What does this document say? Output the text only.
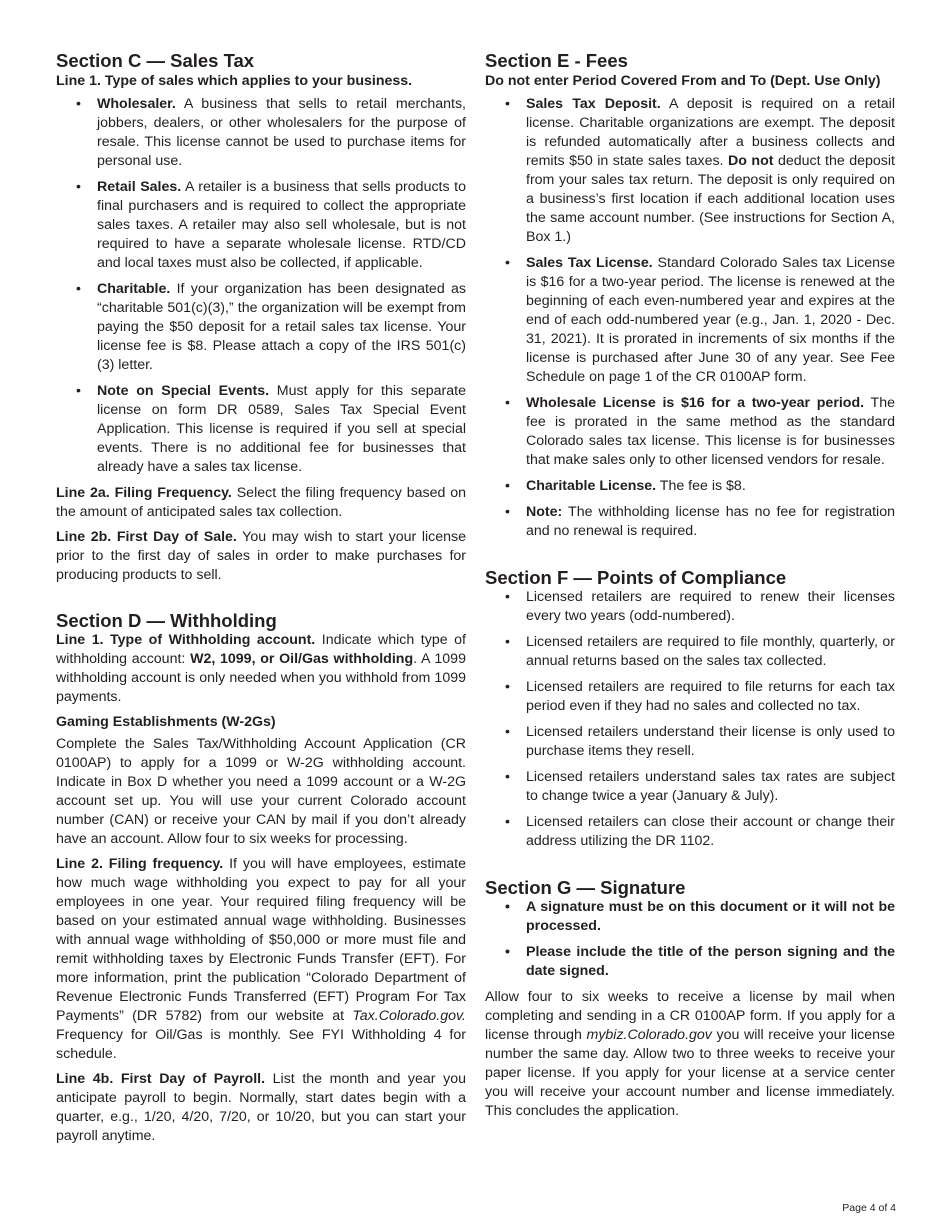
Section C — Sales Tax
Line 1. Type of sales which applies to your business.
• Wholesaler. A business that sells to retail merchants, jobbers, dealers, or other wholesalers for the purpose of resale. This license cannot be used to purchase items for personal use.
• Retail Sales. A retailer is a business that sells products to final purchasers and is required to collect the appropriate sales taxes. A retailer may also sell wholesale, but is not required to have a separate wholesale license. RTD/CD and local taxes must also be collected, if applicable.
• Charitable. If your organization has been designated as “charitable 501(c)(3),” the organization will be exempt from paying the $50 deposit for a retail sales tax license. Your license fee is $8. Please attach a copy of the IRS 501(c)(3) letter.
• Note on Special Events. Must apply for this separate license on form DR 0589, Sales Tax Special Event Application. This license is required if you sell at special events. There is no additional fee for businesses that already have a sales tax license.

Line 2a. Filing Frequency. Select the filing frequency based on the amount of anticipated sales tax collection.

Line 2b. First Day of Sale. You may wish to start your license prior to the first day of sales in order to make purchases for producing products to sell.

Section D — Withholding

Line 1. Type of Withholding account. Indicate which type of withholding account: W2, 1099, or Oil/Gas withholding. A 1099 withholding account is only needed when you withhold from 1099 payments.

Gaming Establishments (W-2Gs)

Complete the Sales Tax/Withholding Account Application (CR 0100AP) to apply for a 1099 or W-2G withholding account. Indicate in Box D whether you need a 1099 account or a W-2G account set up. You will use your current Colorado account number (CAN) or receive your CAN by mail if you don’t already have an account. Allow four to six weeks for processing.

Line 2. Filing frequency. If you will have employees, estimate how much wage withholding you expect to pay for all your employees in one year. Your required filing frequency will be based on your estimated annual wage withholding. Businesses with annual wage withholding of $50,000 or more must file and remit withholding taxes by Electronic Funds Transfer (EFT). For more information, print the publication “Colorado Department of Revenue Electronic Funds Transferred (EFT) Program For Tax Payments” (DR 5782) from our website at Tax.Colorado.gov. Frequency for Oil/Gas is monthly. See FYI Withholding 4 for schedule.

Line 4b. First Day of Payroll. List the month and year you anticipate payroll to begin. Normally, start dates begin with a quarter, e.g., 1/20, 4/20, 7/20, or 10/20, but you can start your payroll anytime.

Section E - Fees
Do not enter Period Covered From and To (Dept. Use Only)
• Sales Tax Deposit. A deposit is required on a retail license. Charitable organizations are exempt. The deposit is refunded automatically after a business collects and remits $50 in state sales taxes. Do not deduct the deposit from your sales tax return. The deposit is only required on a business’s first location if each additional location uses the same account number. (See instructions for Section A, Box 1.)
• Sales Tax License. Standard Colorado Sales tax License is $16 for a two-year period. The license is renewed at the beginning of each even-numbered year and expires at the end of each odd-numbered year (e.g., Jan. 1, 2020 - Dec. 31, 2021). It is prorated in increments of six months if the license is purchased after June 30 of any year. See Fee Schedule on page 1 of the CR 0100AP form.
• Wholesale License is $16 for a two-year period. The fee is prorated in the same method as the standard Colorado sales tax license. This license is for businesses that make sales only to other licensed vendors for resale.
• Charitable License. The fee is $8.
• Note: The withholding license has no fee for registration and no renewal is required.
Section F — Points of Compliance
• Licensed retailers are required to renew their licenses every two years (odd-numbered).
• Licensed retailers are required to file monthly, quarterly, or annual returns based on the sales tax collected.
• Licensed retailers are required to file returns for each tax period even if they had no sales and collected no tax.
• Licensed retailers understand their license is only used to purchase items they resell.
• Licensed retailers understand sales tax rates are subject to change twice a year (January & July).
• Licensed retailers can close their account or change their address utilizing the DR 1102.
Section G — Signature
• A signature must be on this document or it will not be processed.
• Please include the title of the person signing and the date signed.

Allow four to six weeks to receive a license by mail when completing and sending in a CR 0100AP form. If you apply for a license through mybiz.Colorado.gov you will receive your license number the same day. Allow two to three weeks to receive your paper license. If you apply for your license at a service center you will receive your account number and license immediately. This concludes the application.

Page 4 of 4
